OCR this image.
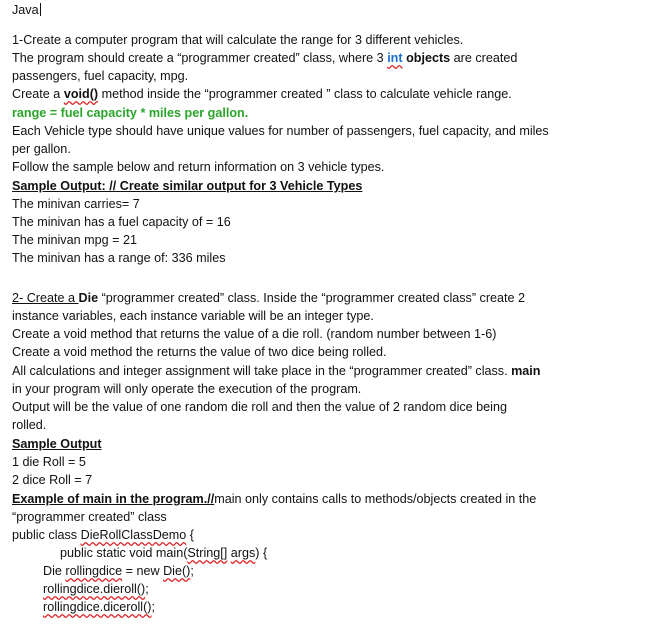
Java
1-Create a computer program that will calculate the range for 3 different vehicles.
The program should create a “programmer created” class, where 3 int objects are created
passengers, fuel capacity, mpg.
Create a void() method inside the “programmer created ” class to calculate vehicle range.
range = fuel capacity * miles per gallon.
Each Vehicle type should have unique values for number of passengers, fuel capacity, and miles
per gallon.
Follow the sample below and return information on 3 vehicle types.
Sample Output: // Create similar output for 3 Vehicle Types
The minivan carries= 7
The minivan has a fuel capacity of = 16
The minivan mpg = 21
The minivan has a range of: 336 miles
2- Create a Die “programmer created” class. Inside the “programmer created class” create 2
instance variables, each instance variable will be an integer type.
Create a void method that returns the value of a die roll. (random number between 1-6)
Create a void method the returns the value of two dice being rolled.
All calculations and integer assignment will take place in the “programmer created” class. main
in your program will only operate the execution of the program.
Output will be the value of one random die roll and then the value of 2 random dice being
rolled.
Sample Output
1 die Roll = 5
2 dice Roll = 7
Example of main in the program.//main only contains calls to methods/objects created in the
“programmer created” class
public class DieRollClassDemo {
public static void main(String[] args) {
Die rollingdice = new Die();
rollingdice.dieroll();
rollingdice.diceroll();
